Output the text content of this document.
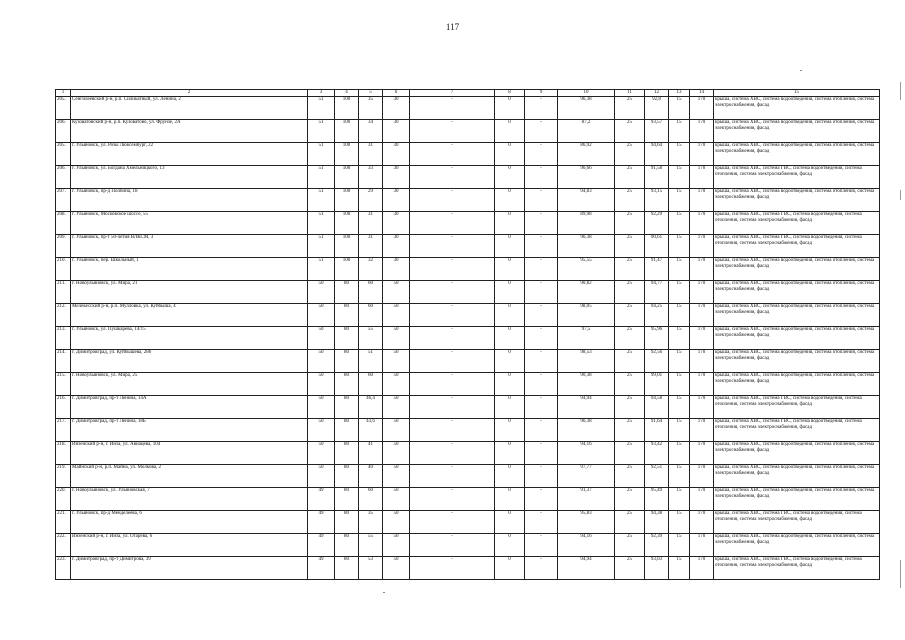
117
1	2	3	4	5	6	7	8	9	10	11	12	13	14	15
205.	Сенгилеевский р-н, р.п. Силикатный, ул. Ленина, 2	51	100	35	30	-	0	-	96,38	25	92,8	15	170	крыша, система ХВС, система водоотведения, система отопления, система электроснабжения, фасад
206.	Кузоватовский р-н, р.п. Кузоватово, ул. Фрунзе, 2А	51	100	34	30	-	0	-	87,2	25	93,57	15	170	крыша, система ХВС, система водоотведения, система отопления, система электроснабжения, фасад
205.	г. Ульяновск, ул. Розы Люксембург, 22	51	100	31	30	-	0	-	86,92	25	94,64	15	170	крыша, система ХВС, система водоотведения, система отопления, система электроснабжения, фасад
206.	г. Ульяновск, ул. Богдана Хмельницкого, 13	51	100	33	30	-	0	-	96,66	25	91,58	15	170	крыша, система ХВС, система ГВС, система водоотведения, система отопления, система электроснабжения, фасад
207.	г. Ульяновск, пр-д Полбина, 18	51	100	29	30	-	0	-	94,83	25	93,15	15	170	крыша, система ХВС, система водоотведения, система отопления, система электроснабжения, фасад
208.	г. Ульяновск, Московское шоссе, 55	51	100	31	30	-	0	-	89,98	25	92,29	15	170	крыша, система ХВС, система ГВС, система водоотведения, система отопления, система электроснабжения, фасад
209.	г. Ульяновск, пр-т 50-летия ВЛКСМ, 3	51	100	31	30	-	0	-	96,38	25	90,61	15	170	крыша, система ХВС, система ГВС, система водоотведения, система отопления, система электроснабжения, фасад
210.	г. Ульяновск, пер. Школьный, 1	51	100	32	30	-	0	-	95,55	25	91,47	15	170	крыша, система ХВС, система водоотведения, система отопления, система электроснабжения, фасад
211.	г. Новоульяновск, ул. Мира, 21	50	80	60	50	-	0	-	90,82	25	94,77	15	170	крыша, система ХВС, система водоотведения, система отопления, система электроснабжения, фасад
212.	Мелекесский р-н, р.п. Мулловка, ул. Куйбыша, 4	50	80	60	50	-	0	-	98,05	25	94,25	15	170	крыша, система ХВС, система водоотведения, система отопления, система электроснабжения, фасад
213.	г. Ульяновск, ул. Пушкарева, 14/15	50	80	55	50	-	0	-	97,5	25	95,96	15	170	крыша, система ХВС, система водоотведения, система отопления, система электроснабжения, фасад
214.	г. Димитровград, ул. Куйбышева, 286	50	80	51	50	-	0	-	98,53	25	92,56	15	170	крыша, система ХВС, система водоотведения, система отопления, система электроснабжения, фасад
215.	г. Новоульяновск, ул. Мира, 25	50	80	60	50	-	0	-	90,38	25	99,01	15	170	крыша, система ХВС, система водоотведения, система отопления, система электроснабжения, фасад
216.	г. Димитровград, пр-т Ленина, 14А	50	80	46,4	50	-	0	-	94,94	25	94,58	15	170	крыша, система ХВС, система ГВС, система водоотведения, система отопления, система электроснабжения, фасад
217.	г. Димитровград, пр-т Ленина, 18Б	50	80	43,6	50	-	0	-	96,38	25	91,64	15	170	крыша, система ХВС, система ГВС, система водоотведения, система отопления, система электроснабжения, фасад
218.	Инзенский р-н, г. Инза, ул. Авиацева, 104	50	80	41	50	-	0	-	94,16	25	93,42	15	170	крыша, система ХВС, система водоотведения, система отопления, система электроснабжения, фасад
219.	Майнский р-н, р.п. Майна, ул. Молкова, 2	50	80	40	50	-	0	-	97,77	25	92,51	15	170	крыша, система ХВС, система водоотведения, система отопления, система электроснабжения, фасад
220.	г. Новоульяновск, ул. Ульяновская, 7	49	80	60	50	-	0	-	91,37	25	95,49	15	170	крыша, система ХВС, система водоотведения, система отопления, система электроснабжения, фасад
221.	г. Ульяновск, пр-д Менделеева, 6	49	80	35	50	-	0	-	95,83	25	94,38	15	170	крыша, система ХВС, система ГВС, система водоотведения, система отопления, система электроснабжения, фасад
222.	Инзенский р-н, г. Инза, ул. Огарёва, 6	49	80	55	50	-	0	-	94,16	25	92,39	15	170	крыша, система ХВС, система водоотведения, система отопления, система электроснабжения, фасад
223.	г. Димитровград, пр-т Димитрова, 39	49	80	53	50	-	0	-	94,94	25	93,03	15	170	крыша, система ХВС, система ГВС, система водоотведения, система отопления, система электроснабжения, фасад
